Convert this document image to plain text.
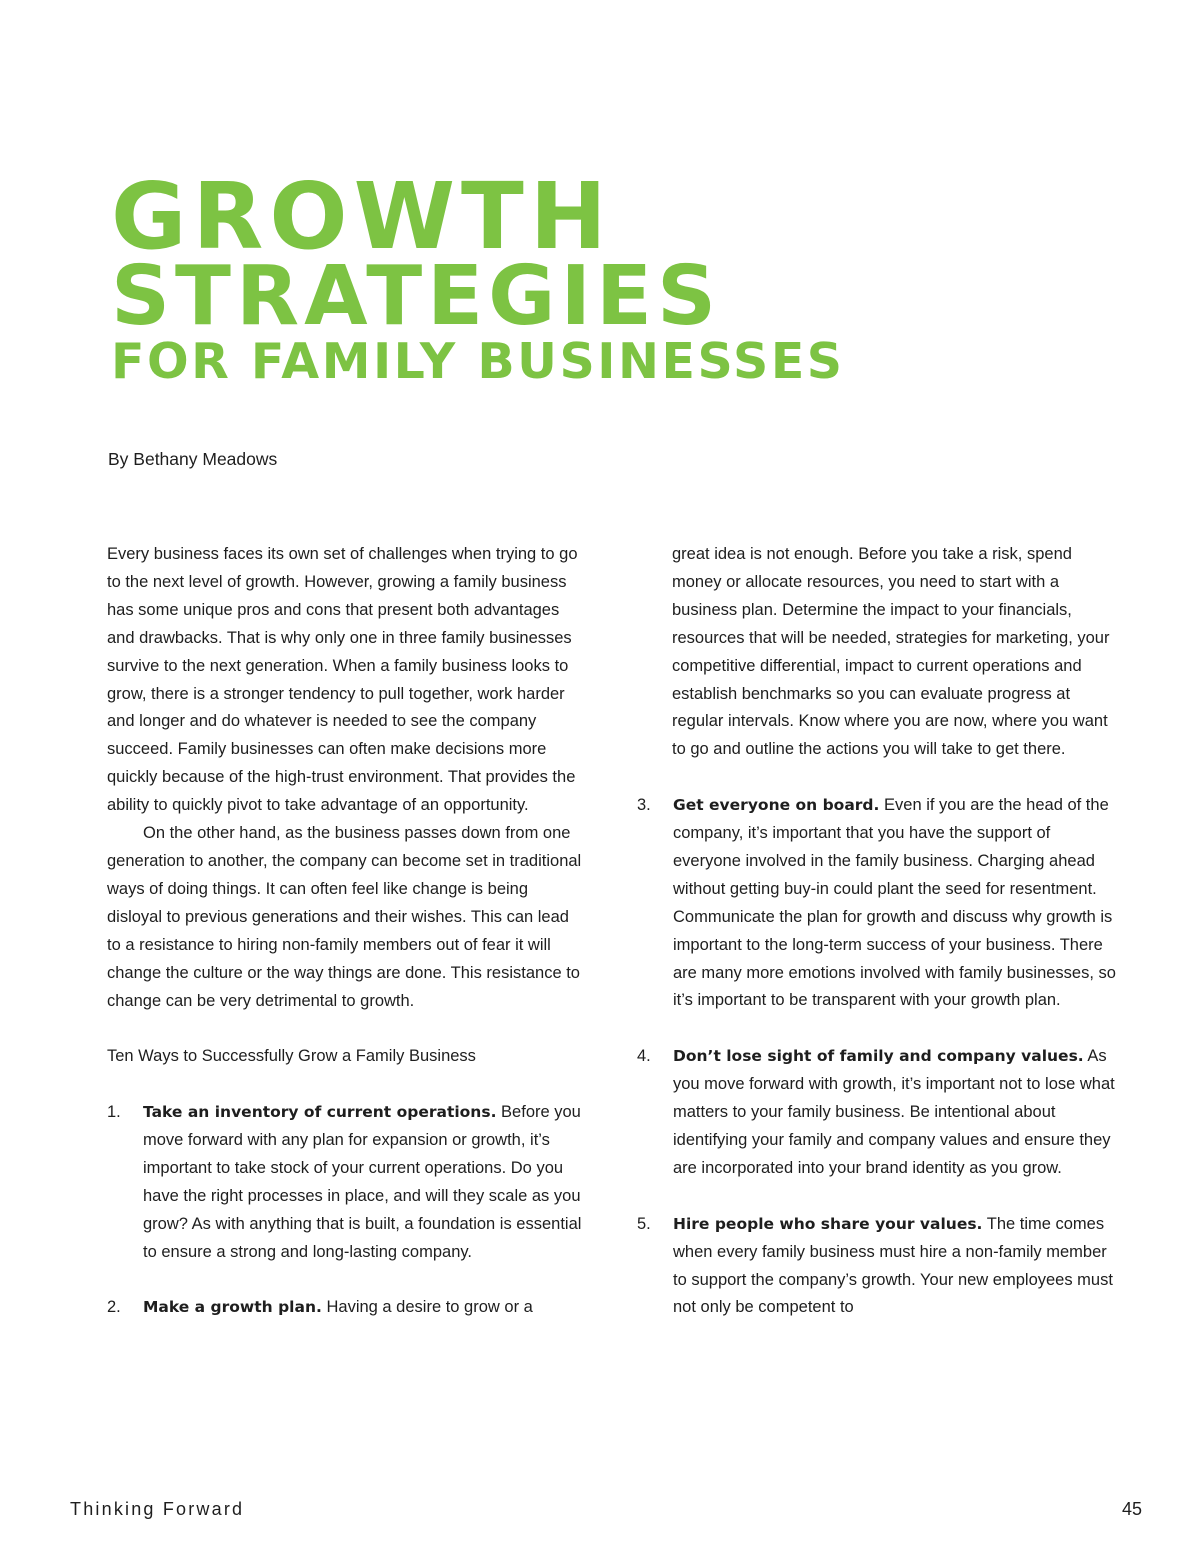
GROWTH
STRATEGIES
FOR FAMILY BUSINESSES
By Bethany Meadows

Every business faces its own set of challenges when trying to go to the next level of growth. However, growing a family business has some unique pros and cons that present both advantages and drawbacks. That is why only one in three family businesses survive to the next generation. When a family business looks to grow, there is a stronger tendency to pull together, work harder and longer and do whatever is needed to see the company succeed. Family businesses can often make decisions more quickly because of the high-trust environment. That provides the ability to quickly pivot to take advantage of an opportunity.

On the other hand, as the business passes down from one generation to another, the company can become set in traditional ways of doing things. It can often feel like change is being disloyal to previous generations and their wishes. This can lead to a resistance to hiring non-family members out of fear it will change the culture or the way things are done. This resistance to change can be very detrimental to growth.

Ten Ways to Successfully Grow a Family Business

1. Take an inventory of current operations. Before you move forward with any plan for expansion or growth, it’s important to take stock of your current operations. Do you have the right processes in place, and will they scale as you grow? As with anything that is built, a foundation is essential to ensure a strong and long-lasting company.
2. Make a growth plan. Having a desire to grow or a

great idea is not enough. Before you take a risk, spend money or allocate resources, you need to start with a business plan. Determine the impact to your financials, resources that will be needed, strategies for marketing, your competitive differential, impact to current operations and establish benchmarks so you can evaluate progress at regular intervals. Know where you are now, where you want to go and outline the actions you will take to get there.

3. Get everyone on board. Even if you are the head of the company, it’s important that you have the support of everyone involved in the family business. Charging ahead without getting buy-in could plant the seed for resentment. Communicate the plan for growth and discuss why growth is important to the long-term success of your business. There are many more emotions involved with family businesses, so it’s important to be transparent with your growth plan.
4. Don’t lose sight of family and company values. As you move forward with growth, it’s important not to lose what matters to your family business. Be intentional about identifying your family and company values and ensure they are incorporated into your brand identity as you grow.
5. Hire people who share your values. The time comes when every family business must hire a non-family member to support the company’s growth. Your new employees must not only be competent to
Thinking Forward	45
